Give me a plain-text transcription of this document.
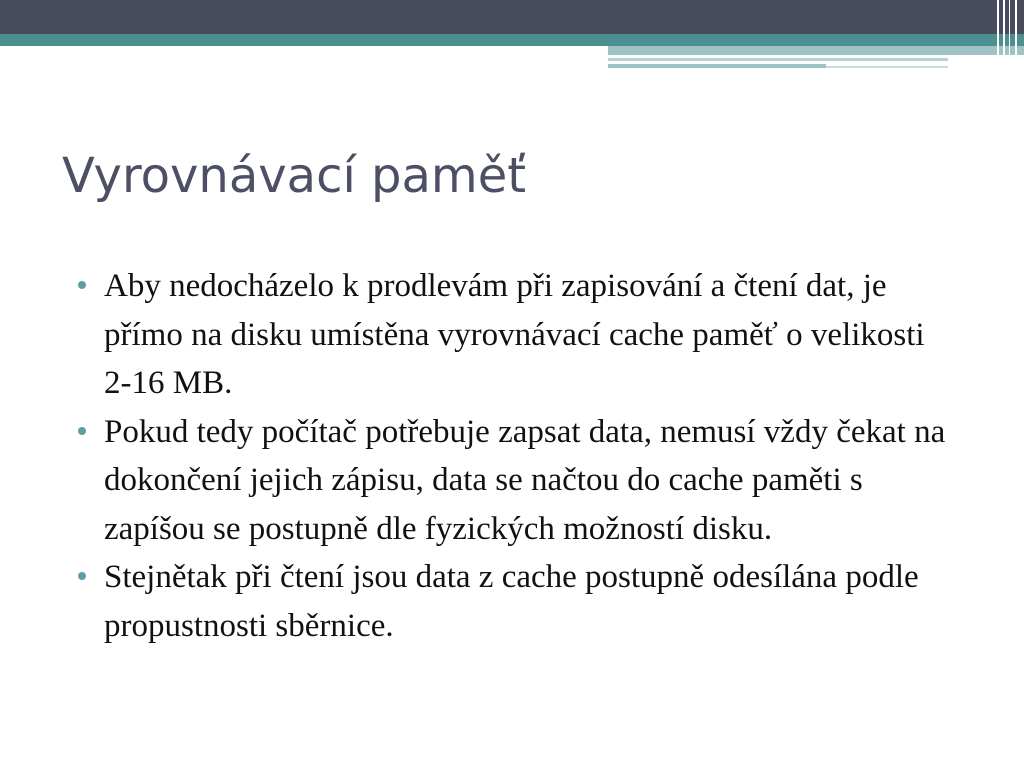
Vyrovnávací paměť
Aby nedocházelo k prodlevám při zapisování a čtení dat, je přímo na disku umístěna vyrovnávací cache paměť o velikosti 2-16 MB.
Pokud tedy počítač potřebuje zapsat data, nemusí vždy čekat na dokončení jejich zápisu, data se načtou do cache paměti s zapíšou se postupně dle fyzických možností disku.
Stejnětak při čtení jsou data z cache postupně odesílána podle propustnosti sběrnice.
